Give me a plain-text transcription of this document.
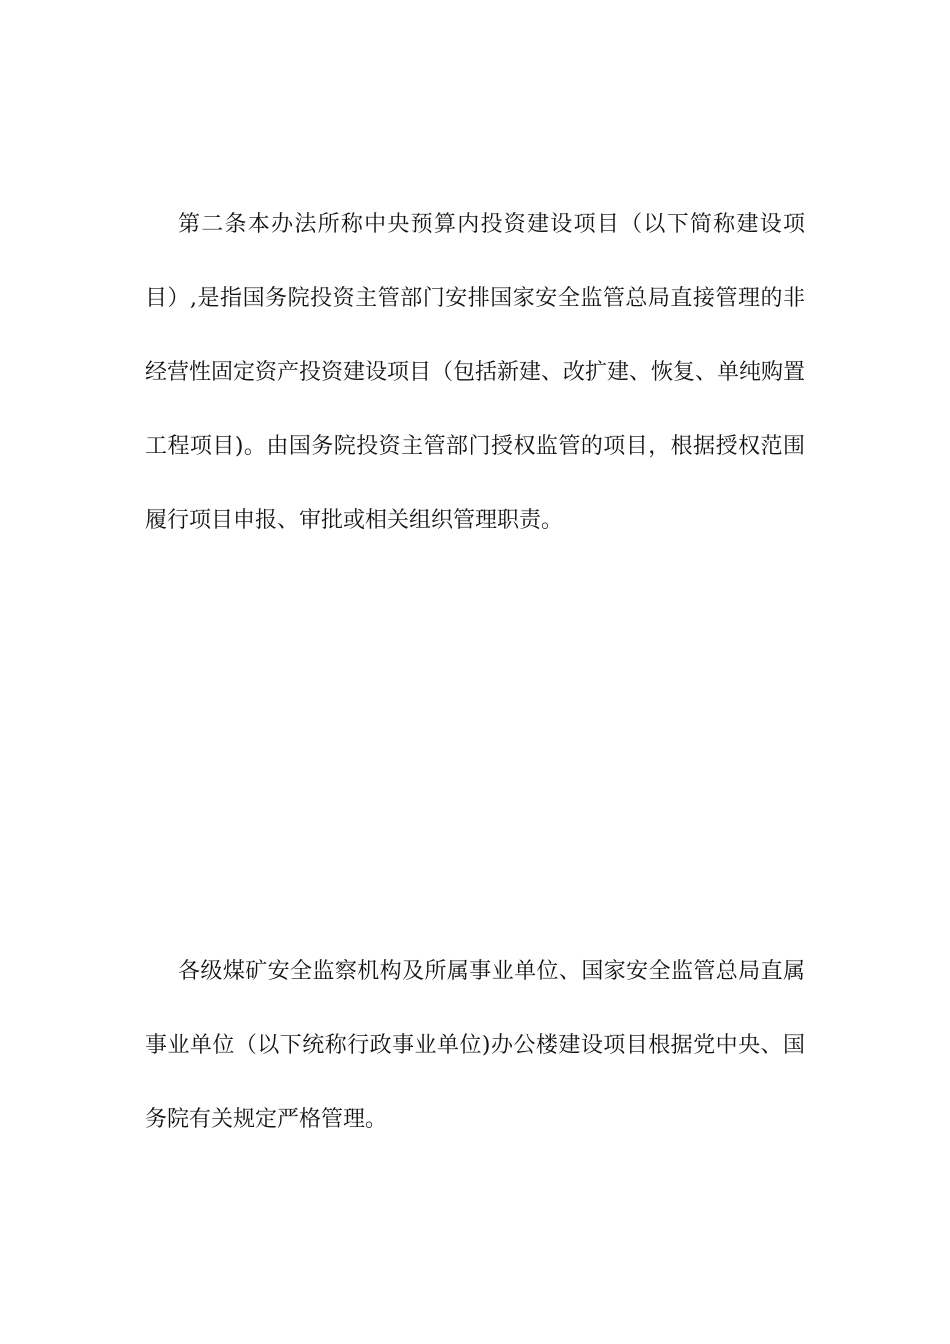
第二条本办法所称中央预算内投资建设项目（以下简称建设项目）,是指国务院投资主管部门安排国家安全监管总局直接管理的非经营性固定资产投资建设项目（包括新建、改扩建、恢复、单纯购置工程项目)。由国务院投资主管部门授权监管的项目，根据授权范围履行项目申报、审批或相关组织管理职责。

各级煤矿安全监察机构及所属事业单位、国家安全监管总局直属事业单位（以下统称行政事业单位)办公楼建设项目根据党中央、国务院有关规定严格管理。
